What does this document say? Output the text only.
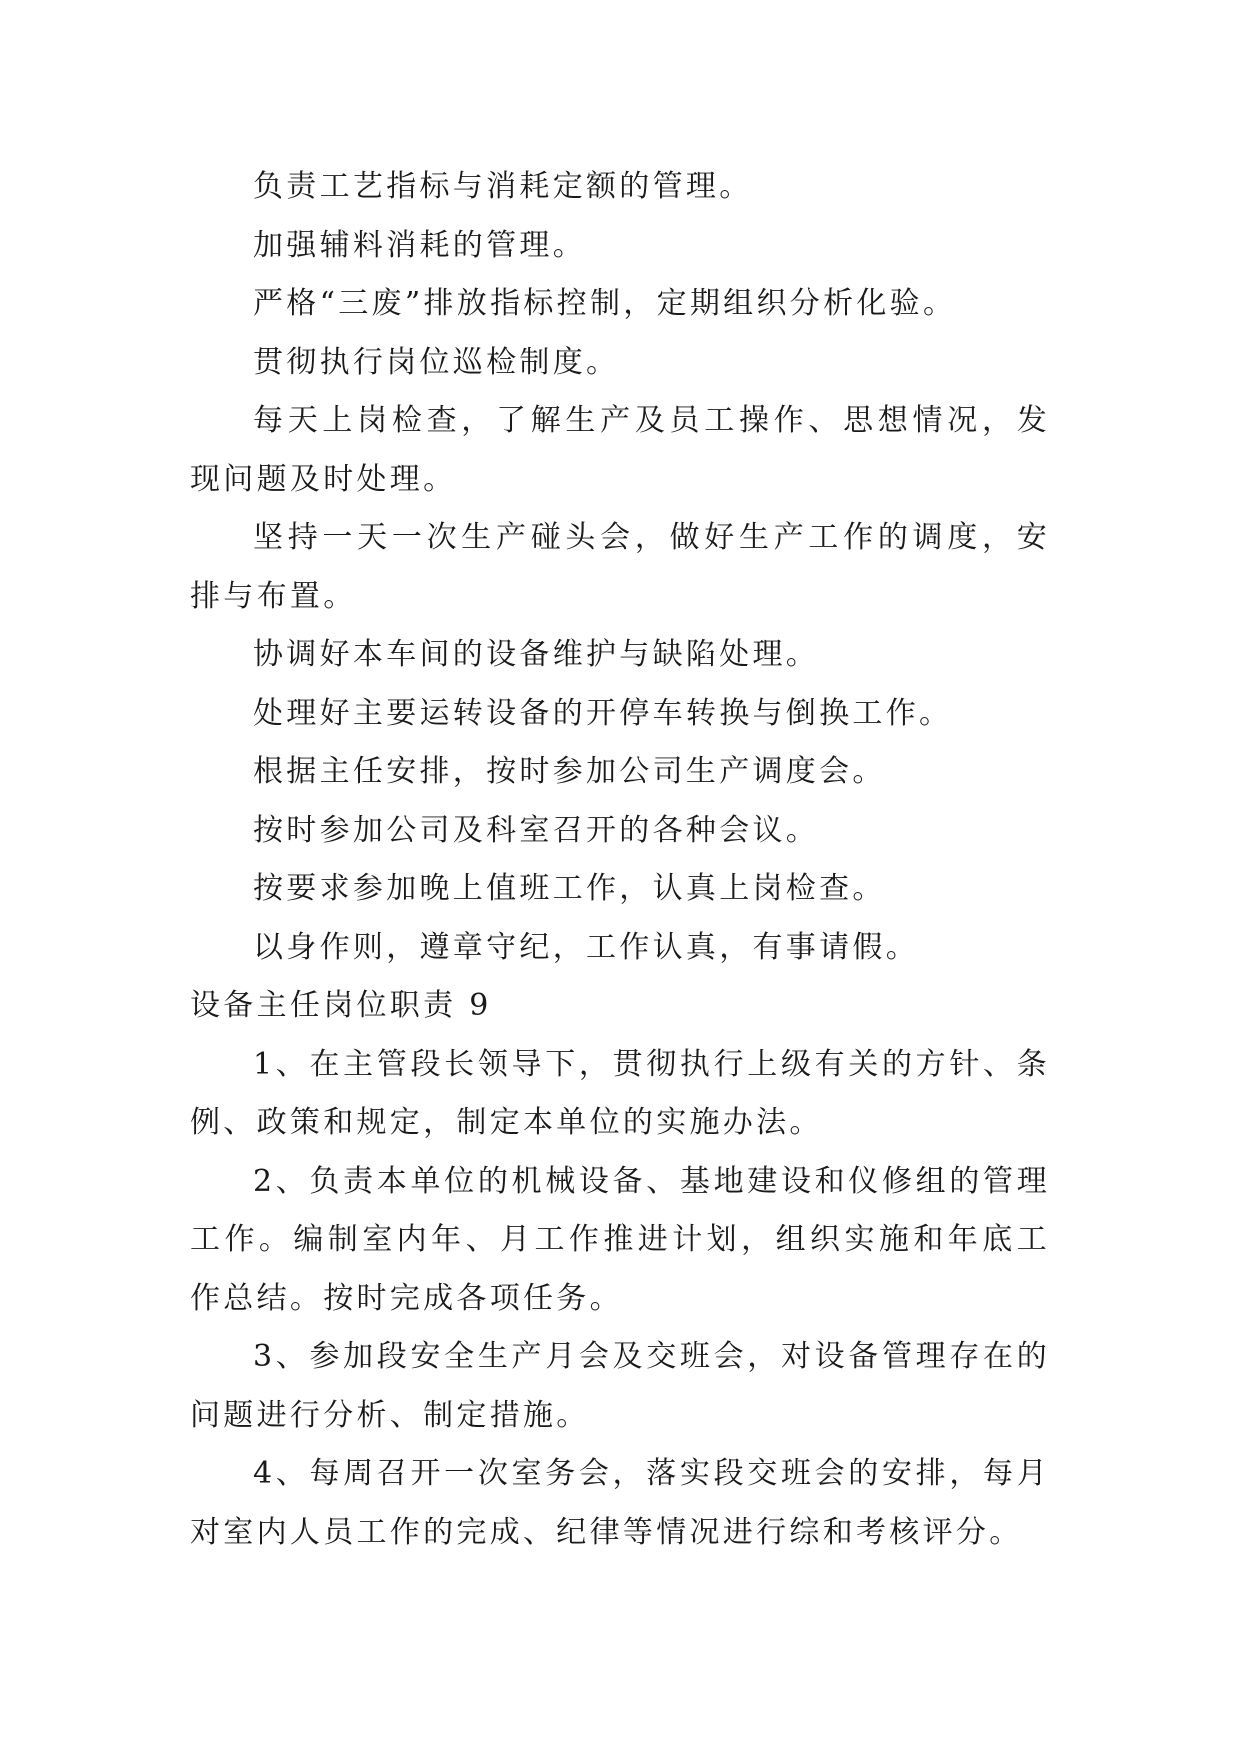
负责工艺指标与消耗定额的管理。

加强辅料消耗的管理。

严格“三废”排放指标控制，定期组织分析化验。

贯彻执行岗位巡检制度。

每天上岗检查，了解生产及员工操作、思想情况，发现问题及时处理。

坚持一天一次生产碰头会，做好生产工作的调度，安排与布置。

协调好本车间的设备维护与缺陷处理。

处理好主要运转设备的开停车转换与倒换工作。

根据主任安排，按时参加公司生产调度会。

按时参加公司及科室召开的各种会议。

按要求参加晚上值班工作，认真上岗检查。

以身作则，遵章守纪，工作认真，有事请假。

设备主任岗位职责 9

1、在主管段长领导下，贯彻执行上级有关的方针、条例、政策和规定，制定本单位的实施办法。

2、负责本单位的机械设备、基地建设和仪修组的管理工作。编制室内年、月工作推进计划，组织实施和年底工作总结。按时完成各项任务。

3、参加段安全生产月会及交班会，对设备管理存在的问题进行分析、制定措施。

4、每周召开一次室务会，落实段交班会的安排，每月对室内人员工作的完成、纪律等情况进行综和考核评分。
